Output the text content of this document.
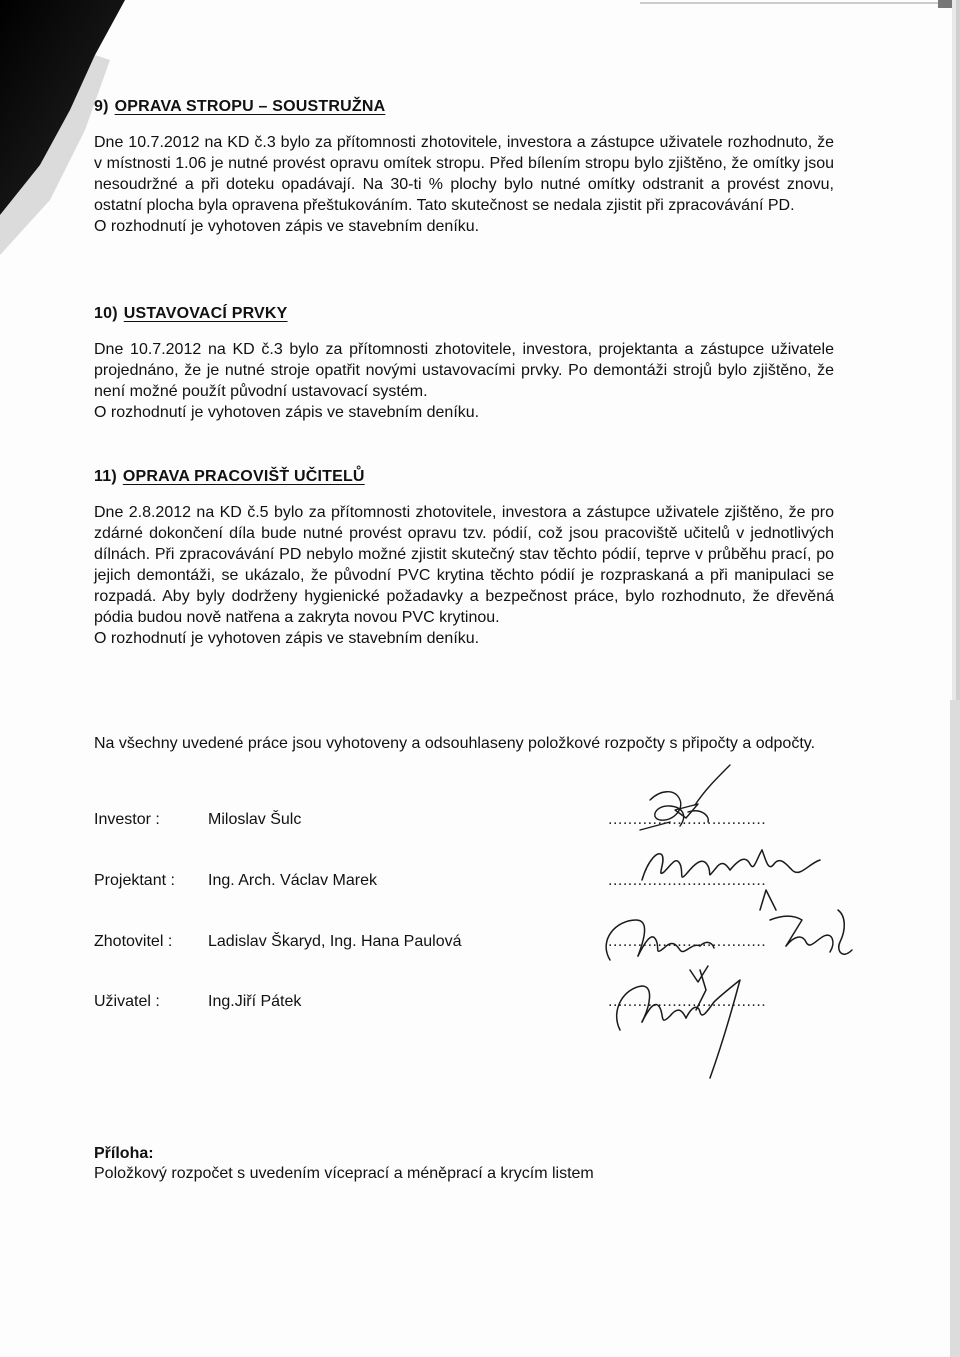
9) OPRAVA STROPU – SOUSTRUŽNA

Dne 10.7.2012 na KD č.3 bylo za přítomnosti zhotovitele, investora a zástupce uživatele rozhodnuto, že v místnosti 1.06 je nutné provést opravu omítek stropu. Před bílením stropu bylo zjištěno, že omítky jsou nesoudržné a při doteku opadávají. Na 30-ti % plochy bylo nutné omítky odstranit a provést znovu, ostatní plocha byla opravena přeštukováním. Tato skutečnost se nedala zjistit při zpracovávání PD.

O rozhodnutí je vyhotoven zápis ve stavebním deníku.

10) USTAVOVACÍ PRVKY

Dne 10.7.2012 na KD č.3 bylo za přítomnosti zhotovitele, investora, projektanta a zástupce uživatele projednáno, že je nutné stroje opatřit novými ustavovacími prvky. Po demontáži strojů bylo zjištěno, že není možné použít původní ustavovací systém.

O rozhodnutí je vyhotoven zápis ve stavebním deníku.

11) OPRAVA PRACOVIŠŤ UČITELŮ

Dne 2.8.2012 na KD č.5 bylo za přítomnosti zhotovitele, investora a zástupce uživatele zjištěno, že pro zdárné dokončení díla bude nutné provést opravu tzv. pódií, což jsou pracoviště učitelů v jednotlivých dílnách. Při zpracovávání PD nebylo možné zjistit skutečný stav těchto pódií, teprve v průběhu prací, po jejich demontáži, se ukázalo, že původní PVC krytina těchto pódií je rozpraskaná a při manipulaci se rozpadá. Aby byly dodrženy hygienické požadavky a bezpečnost práce, bylo rozhodnuto, že dřevěná pódia budou nově natřena a zakryta novou PVC krytinou.

O rozhodnutí je vyhotoven zápis ve stavebním deníku.

Na všechny uvedené práce jsou vyhotoveny a odsouhlaseny položkové rozpočty s připočty a odpočty.

Investor :	Miloslav Šulc	................................
Projektant : Ing. Arch. Václav Marek	................................
Zhotovitel : Ladislav Škaryd, Ing. Hana Paulová	................................
Uživatel :	Ing.Jiří Pátek	................................

Příloha:

Položkový rozpočet s uvedením víceprací a méněprací a krycím listem
